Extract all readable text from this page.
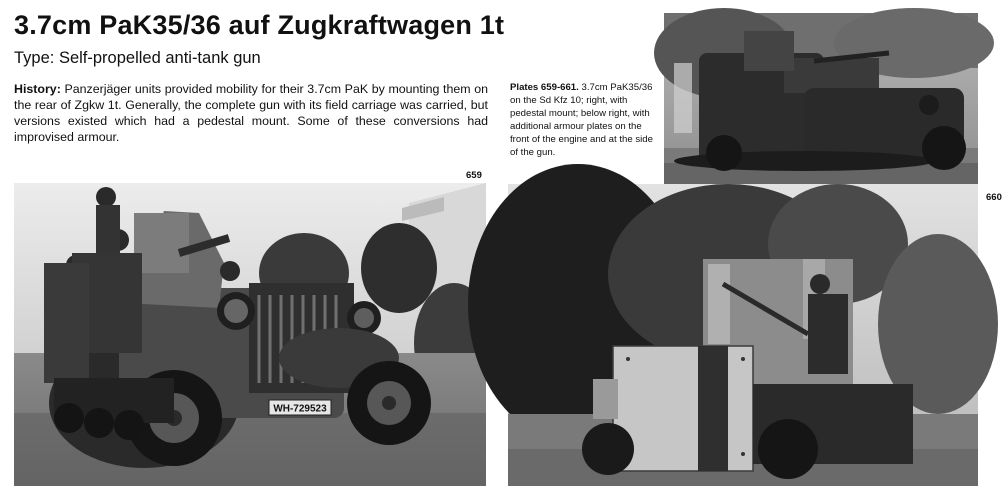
3.7cm PaK35/36 auf Zugkraftwagen 1t

Type: Self-propelled anti-tank gun

History: Panzerjäger units provided mobility for their 3.7cm PaK by mounting them on the rear of Zgkw 1t. Generally, the complete gun with its field carriage was carried, but versions existed which had a pedestal mount. Some of these conversions had improvised armour.

Plates 659-661. 3.7cm PaK35/36 on the Sd Kfz 10; right, with pedestal mount; below right, with additional armour plates on the front of the engine and at the side of the gun.

659
WH-729523
660
